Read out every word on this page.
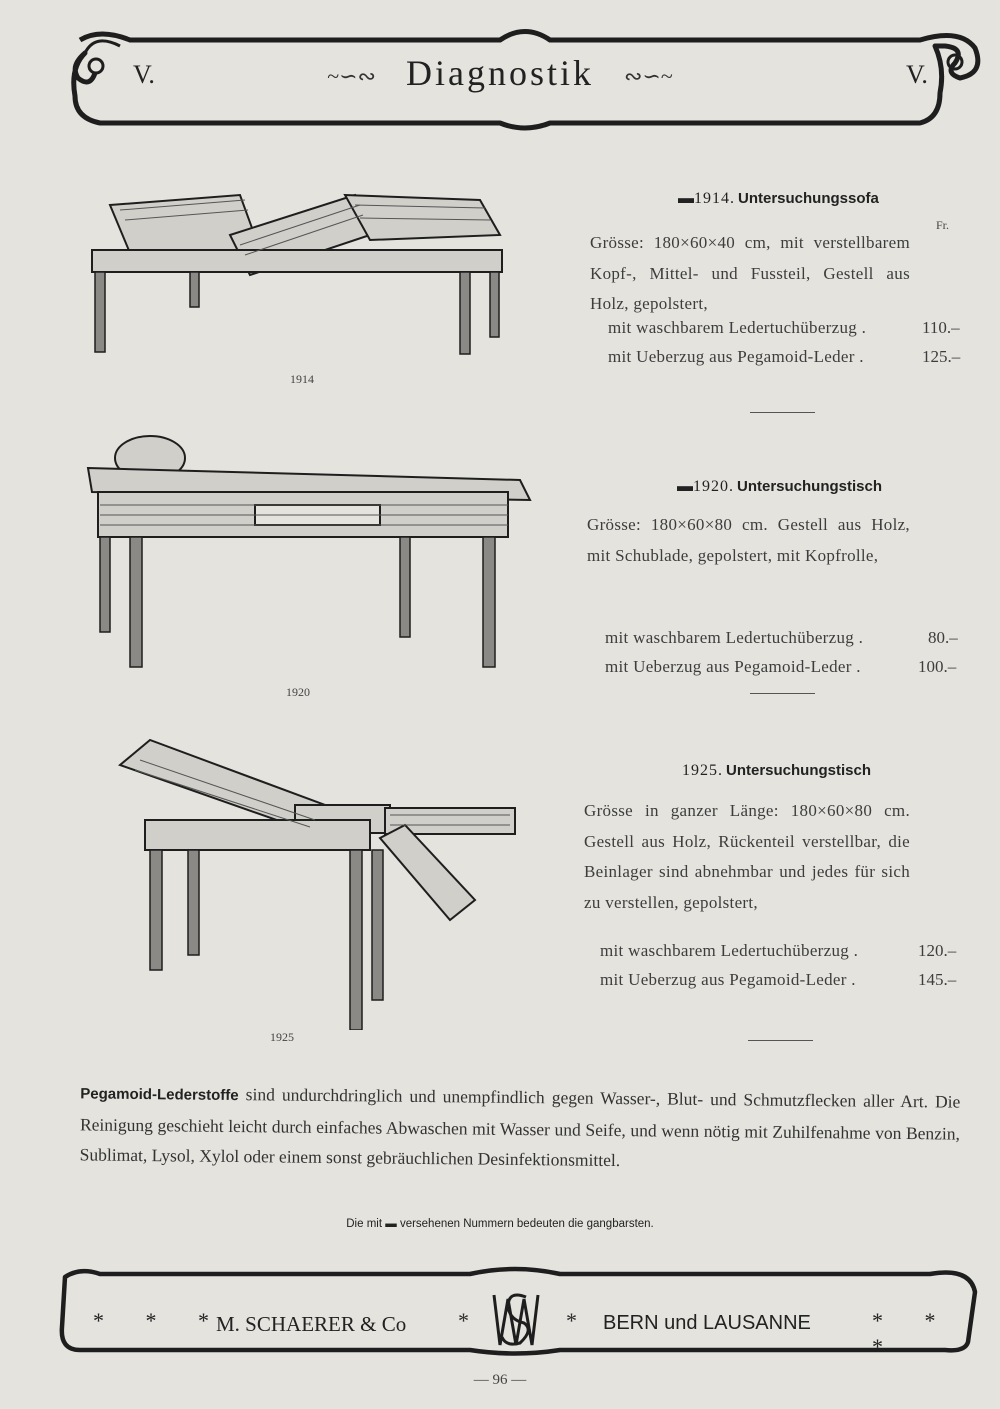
V.	V.
~∽∾ Diagnostik ∾∽~
Fr.
1914
▬1914. Untersuchungssofa
Grösse: 180×60×40 cm, mit verstellbarem Kopf-, Mittel- und Fussteil, Gestell aus Holz, gepolstert,
mit waschbarem Ledertuchüberzug .	110.–
mit Ueberzug aus Pegamoid-Leder .	125.–
1920
▬1920. Untersuchungstisch
Grösse: 180×60×80 cm. Gestell aus Holz, mit Schublade, gepolstert, mit Kopfrolle,
mit waschbarem Ledertuchüberzug .	80.–
mit Ueberzug aus Pegamoid-Leder .	100.–
1925
1925. Untersuchungstisch
Grösse in ganzer Länge: 180×60×80 cm. Gestell aus Holz, Rückenteil verstellbar, die Beinlager sind abnehmbar und jedes für sich zu verstellen, gepolstert,
mit waschbarem Ledertuchüberzug .	120.–
mit Ueberzug aus Pegamoid-Leder .	145.–
Pegamoid-Lederstoffe sind undurchdringlich und unempfindlich gegen Wasser-, Blut- und Schmutzflecken aller Art. Die Reinigung geschieht leicht durch einfaches Abwaschen mit Wasser und Seife, und wenn nötig mit Zuhilfenahme von Benzin, Sublimat, Lysol, Xylol oder einem sonst gebräuchlichen Desinfektionsmittel.
Die mit ▬ versehenen Nummern bedeuten die gangbarsten.
* * *
M. SCHAERER & Co *	* BERN und LAUSANNE	* * *
— 96 —
